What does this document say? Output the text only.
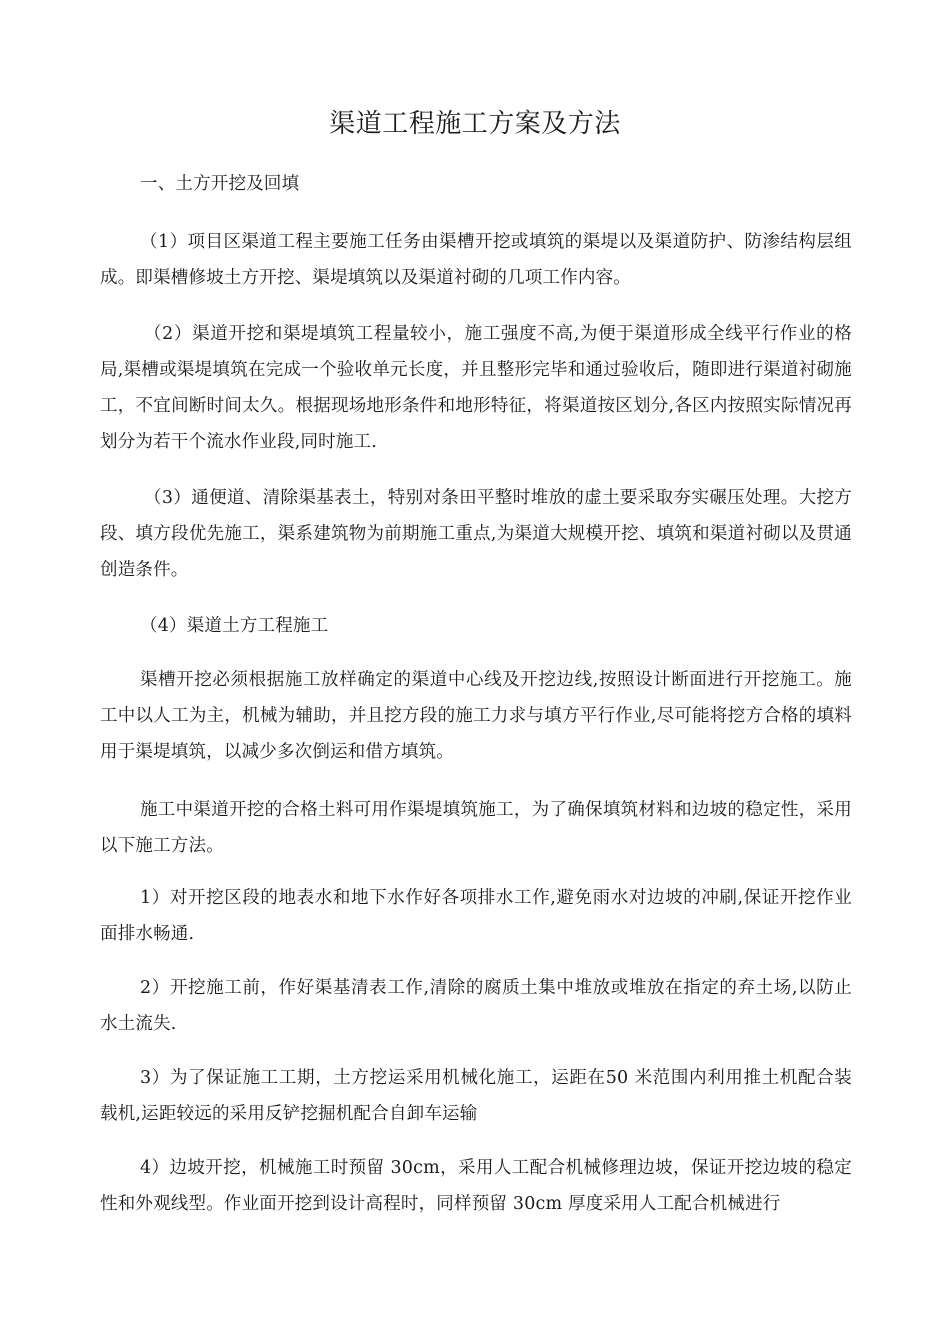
渠道工程施工方案及方法

一、土方开挖及回填

（1）项目区渠道工程主要施工任务由渠槽开挖或填筑的渠堤以及渠道防护、防渗结构层组成。即渠槽修坡土方开挖、渠堤填筑以及渠道衬砌的几项工作内容。

（2）渠道开挖和渠堤填筑工程量较小，施工强度不高,为便于渠道形成全线平行作业的格局,渠槽或渠堤填筑在完成一个验收单元长度，并且整形完毕和通过验收后，随即进行渠道衬砌施工，不宜间断时间太久。根据现场地形条件和地形特征，将渠道按区划分,各区内按照实际情况再划分为若干个流水作业段,同时施工.

（3）通便道、清除渠基表土，特别对条田平整时堆放的虚土要采取夯实碾压处理。大挖方段、填方段优先施工，渠系建筑物为前期施工重点,为渠道大规模开挖、填筑和渠道衬砌以及贯通创造条件。

（4）渠道土方工程施工

渠槽开挖必须根据施工放样确定的渠道中心线及开挖边线,按照设计断面进行开挖施工。施工中以人工为主，机械为辅助，并且挖方段的施工力求与填方平行作业,尽可能将挖方合格的填料用于渠堤填筑，以减少多次倒运和借方填筑。

施工中渠道开挖的合格土料可用作渠堤填筑施工，为了确保填筑材料和边坡的稳定性，采用以下施工方法。

1）对开挖区段的地表水和地下水作好各项排水工作,避免雨水对边坡的冲刷,保证开挖作业面排水畅通.

2）开挖施工前，作好渠基清表工作,清除的腐质土集中堆放或堆放在指定的弃土场,以防止水土流失.

3）为了保证施工工期，土方挖运采用机械化施工，运距在50 米范围内利用推土机配合装载机,运距较远的采用反铲挖掘机配合自卸车运输

4）边坡开挖，机械施工时预留 30cm，采用人工配合机械修理边坡，保证开挖边坡的稳定性和外观线型。作业面开挖到设计高程时，同样预留 30cm 厚度采用人工配合机械进行
